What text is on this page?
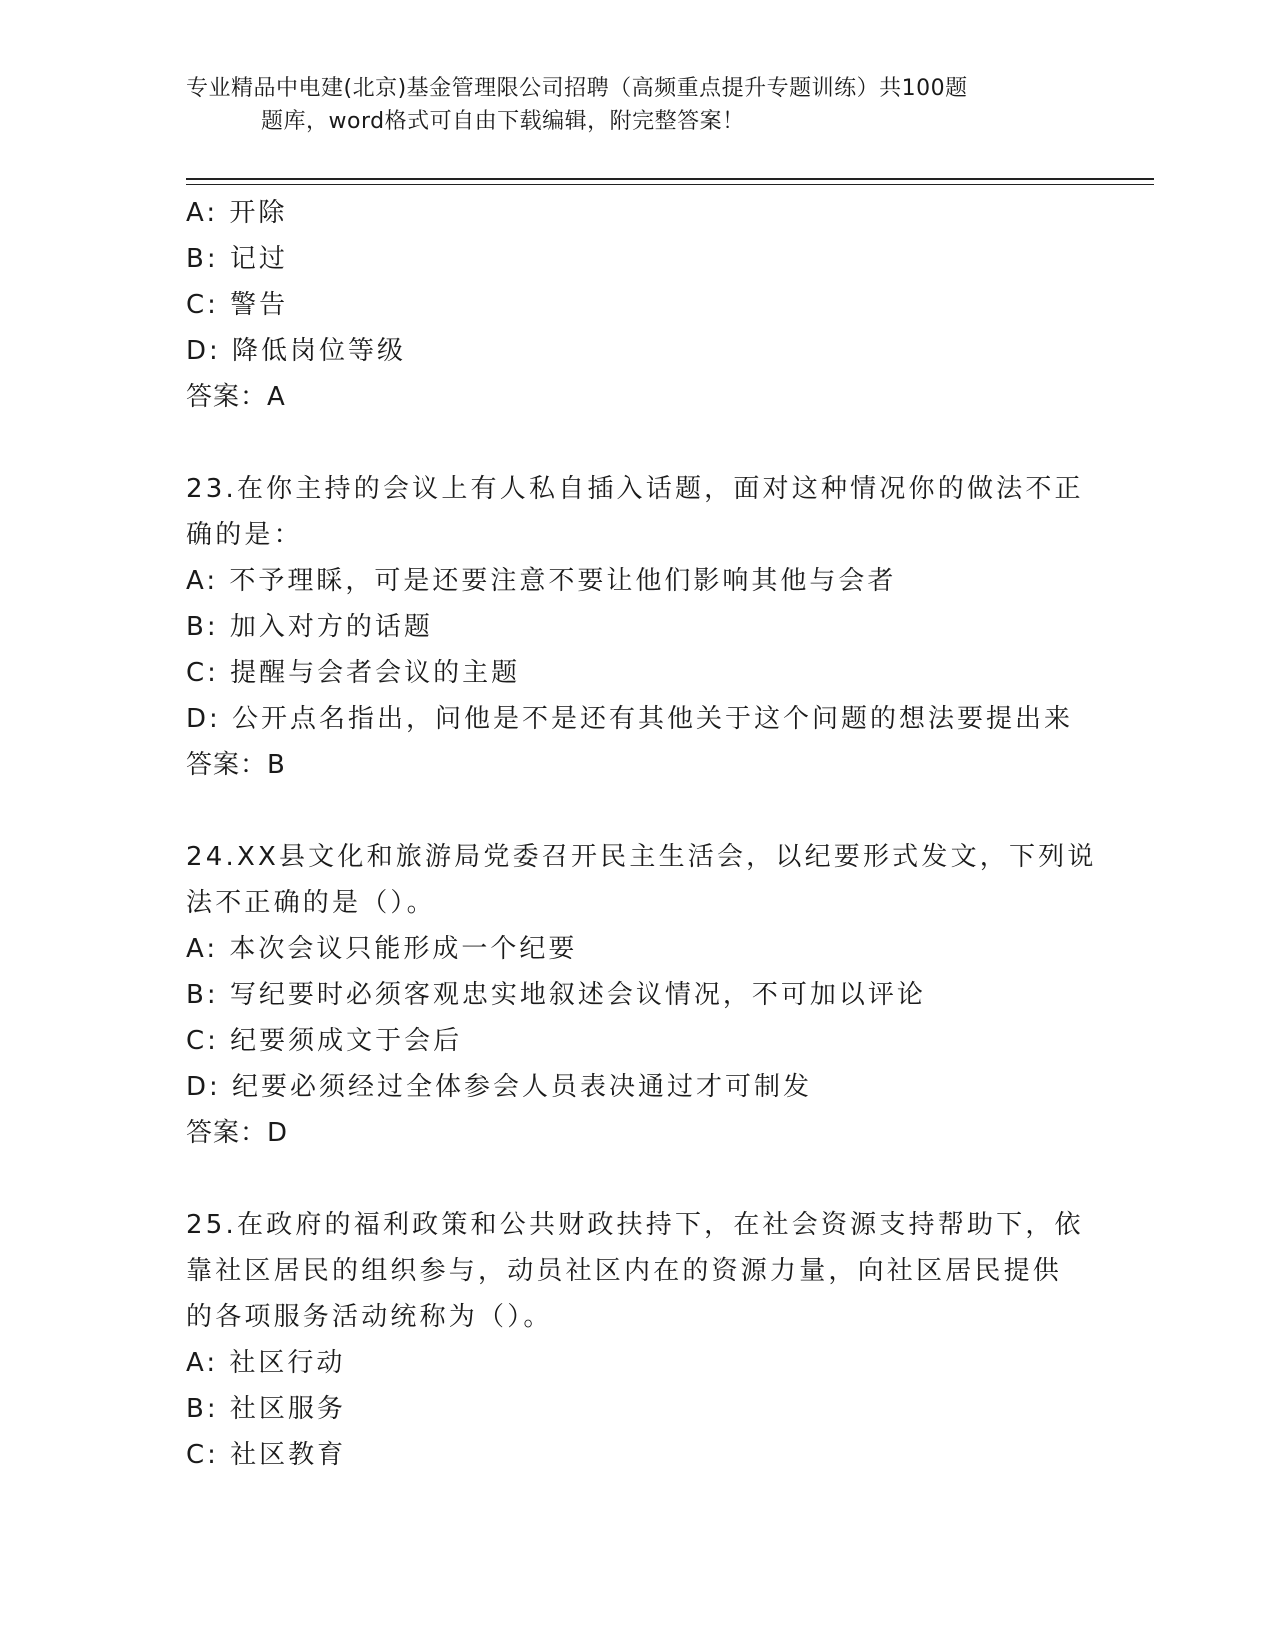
专业精品中电建(北京)基金管理限公司招聘（高频重点提升专题训练）共100题
题库，word格式可自由下载编辑，附完整答案！
A: 开除
B: 记过
C: 警告
D: 降低岗位等级
答案：A
23.在你主持的会议上有人私自插入话题，面对这种情况你的做法不正
确的是：
A: 不予理睬，可是还要注意不要让他们影响其他与会者
B: 加入对方的话题
C: 提醒与会者会议的主题
D: 公开点名指出，问他是不是还有其他关于这个问题的想法要提出来
答案：B
24.XX县文化和旅游局党委召开民主生活会，以纪要形式发文，下列说
法不正确的是（）。
A: 本次会议只能形成一个纪要
B: 写纪要时必须客观忠实地叙述会议情况，不可加以评论
C: 纪要须成文于会后
D: 纪要必须经过全体参会人员表决通过才可制发
答案：D
25.在政府的福利政策和公共财政扶持下，在社会资源支持帮助下，依
靠社区居民的组织参与，动员社区内在的资源力量，向社区居民提供
的各项服务活动统称为（）。
A: 社区行动
B: 社区服务
C: 社区教育
